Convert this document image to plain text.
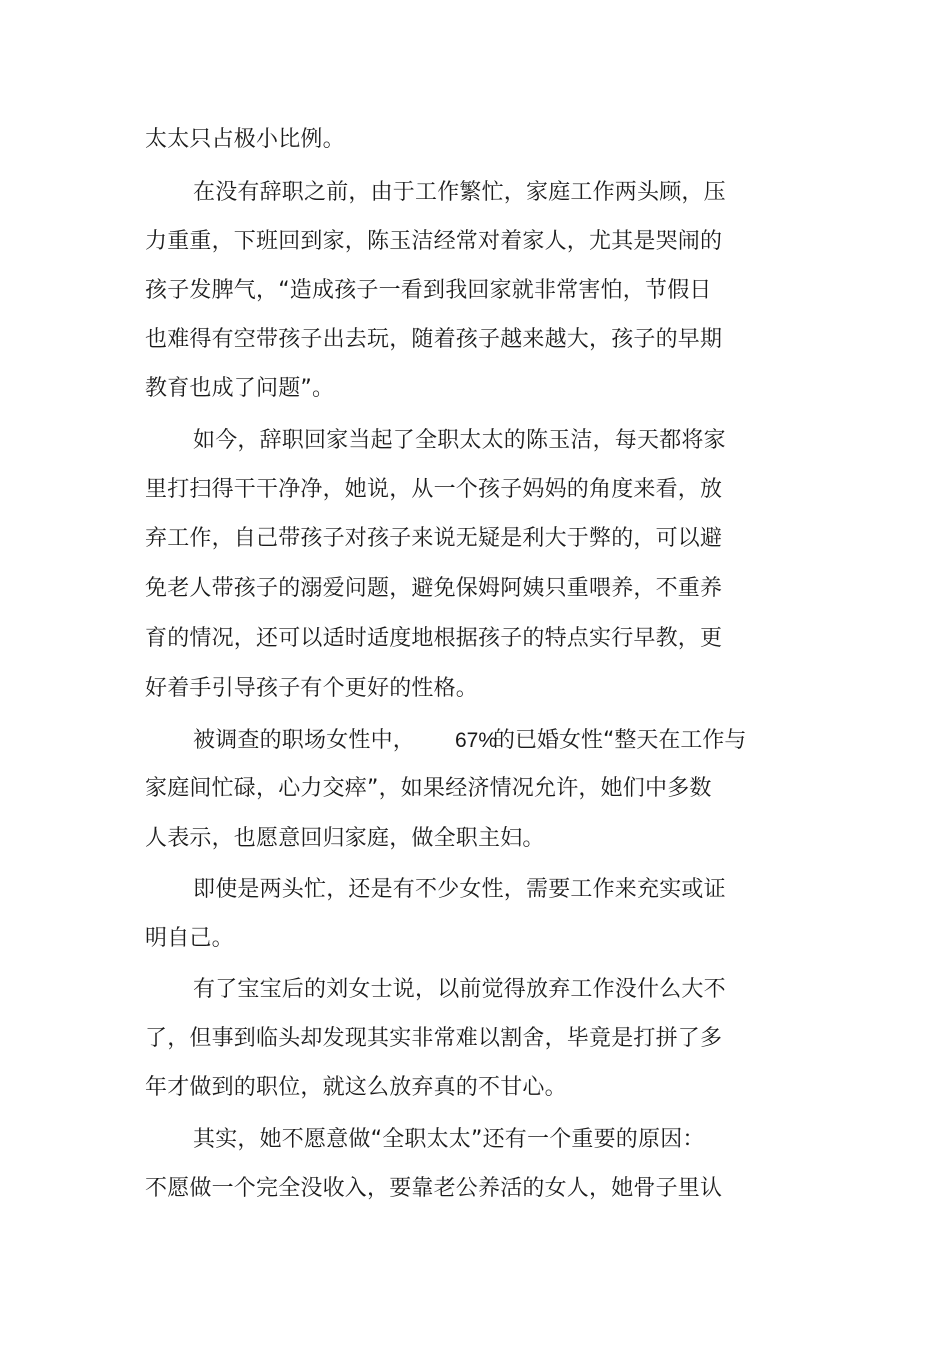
太太只占极小比例。
在没有辞职之前，由于工作繁忙，家庭工作两头顾，压
力重重，下班回到家，陈玉洁经常对着家人，尤其是哭闹的
孩子发脾气，“造成孩子一看到我回家就非常害怕，节假日
也难得有空带孩子出去玩，随着孩子越来越大，孩子的早期
教育也成了问题”。
如今，辞职回家当起了全职太太的陈玉洁，每天都将家
里打扫得干干净净，她说，从一个孩子妈妈的角度来看，放
弃工作，自己带孩子对孩子来说无疑是利大于弊的，可以避
免老人带孩子的溺爱问题，避免保姆阿姨只重喂养，不重养
育的情况，还可以适时适度地根据孩子的特点实行早教，更
好着手引导孩子有个更好的性格。
被调查的职场女性中， 67%
的已婚女性“整天在工作与
家庭间忙碌，心力交瘁”，如果经济情况允许，她们中多数
人表示，也愿意回归家庭，做全职主妇。
即使是两头忙，还是有不少女性，需要工作来充实或证
明自己。
有了宝宝后的刘女士说，以前觉得放弃工作没什么大不
了，但事到临头却发现其实非常难以割舍，毕竟是打拼了多
年才做到的职位，就这么放弃真的不甘心。
其实，她不愿意做“全职太太”还有一个重要的原因：
不愿做一个完全没收入，要靠老公养活的女人，她骨子里认
